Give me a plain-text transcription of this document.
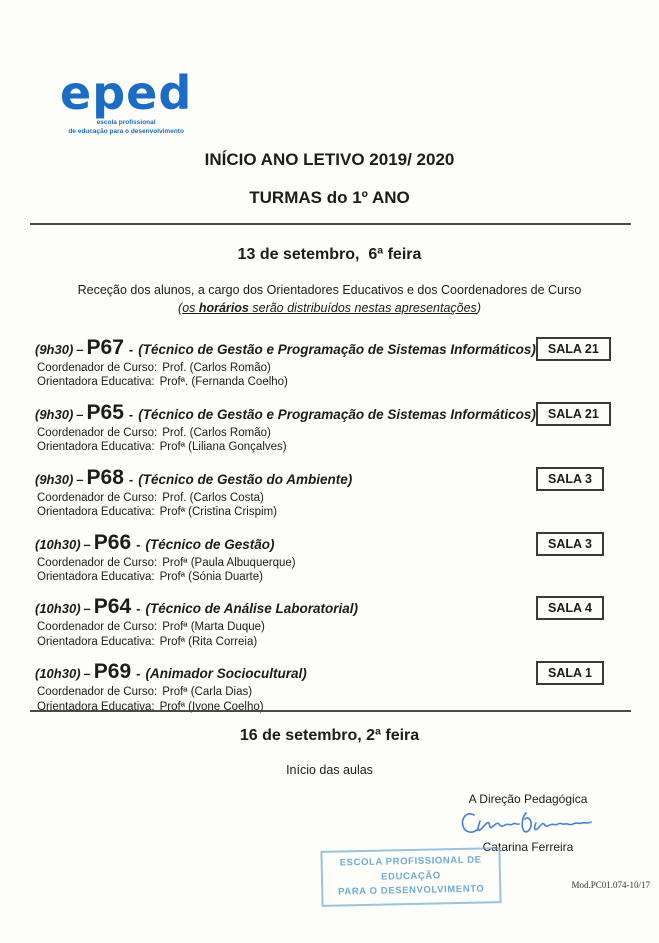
eped
escola profissional
de educação para o desenvolvimento
INÍCIO ANO LETIVO 2019/ 2020
TURMAS do 1º ANO
13 de setembro,  6ª feira
Receção dos alunos, a cargo dos Orientadores Educativos e dos Coordenadores de Curso
(os horários serão distribuídos nestas apresentações)
(9h30) – P67 - (Técnico de Gestão e Programação de Sistemas Informáticos)
Coordenador de Curso: Prof. (Carlos Romão)
Orientadora Educativa: Profª. (Fernanda Coelho)
SALA 21
(9h30) – P65 - (Técnico de Gestão e Programação de Sistemas Informáticos)
Coordenador de Curso: Prof. (Carlos Romão)
Orientadora Educativa: Profª (Liliana Gonçalves)
SALA 21
(9h30) – P68 - (Técnico de Gestão do Ambiente)
Coordenador de Curso: Prof. (Carlos Costa)
Orientadora Educativa: Profª (Cristina Crispim)
SALA 3
(10h30) – P66 - (Técnico de Gestão)
Coordenador de Curso: Profª (Paula Albuquerque)
Orientadora Educativa: Profª (Sónia Duarte)
SALA 3
(10h30) – P64 - (Técnico de Análise Laboratorial)
Coordenador de Curso: Profª (Marta Duque)
Orientadora Educativa: Profª (Rita Correia)
SALA 4
(10h30) – P69 - (Animador Sociocultural)
Coordenador de Curso: Profª (Carla Dias)
Orientadora Educativa: Profª (Ivone Coelho)
SALA 1
16 de setembro, 2ª feira
Início das aulas
A Direção Pedagógica
Catarina Ferreira
ESCOLA PROFISSIONAL DE EDUCAÇÃO
PARA O DESENVOLVIMENTO	Mod.PC01.074-10/17
